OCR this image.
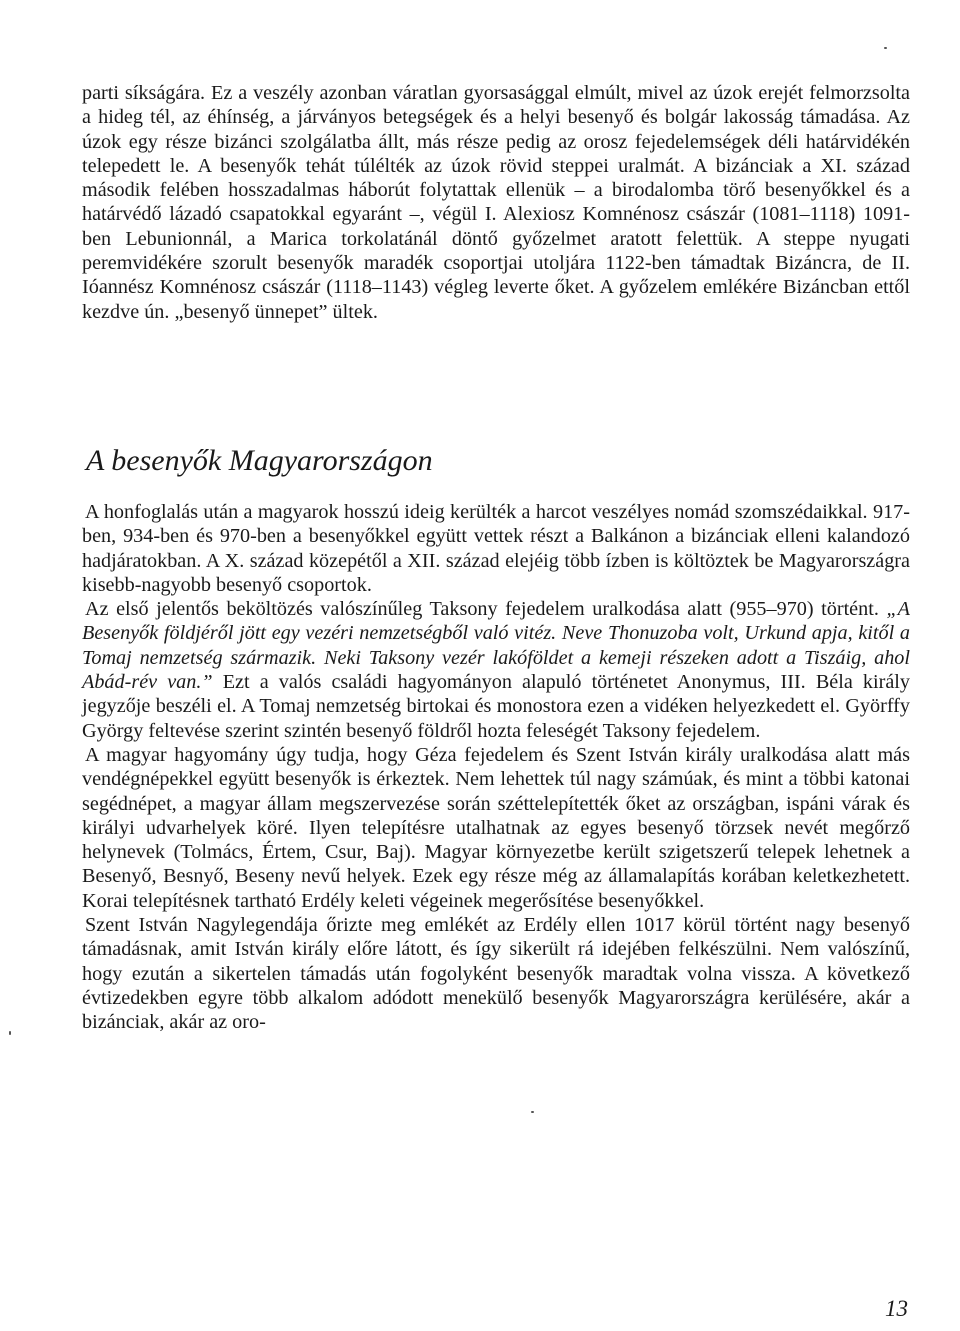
parti síkságára. Ez a veszély azonban váratlan gyorsasággal elmúlt, mivel az úzok erejét felmorzsolta a hideg tél, az éhínség, a járványos betegségek és a helyi besenyő és bolgár lakosság támadása. Az úzok egy része bizánci szolgálatba állt, más része pedig az orosz fejedelemségek déli határvidékén telepedett le. A besenyők tehát túlélték az úzok rövid steppei uralmát. A bizánciak a XI. század második felében hosszadalmas háborút folytattak ellenük – a birodalomba törő besenyőkkel és a határvédő lázadó csapatokkal egyaránt –, végül I. Alexiosz Komnénosz császár (1081–1118) 1091-ben Lebunionnál, a Marica torkolatánál döntő győzelmet aratott felettük. A steppe nyugati peremvidékére szorult besenyők maradék csoportjai utoljára 1122-ben támadtak Bizáncra, de II. Ióannész Komnénosz császár (1118–1143) végleg leverte őket. A győzelem emlékére Bizáncban ettől kezdve ún. „besenyő ünnepet” ültek.

A besenyők Magyarországon

A honfoglalás után a magyarok hosszú ideig kerülték a harcot veszélyes nomád szomszédaikkal. 917-ben, 934-ben és 970-ben a besenyőkkel együtt vettek részt a Balkánon a bizánciak elleni kalandozó hadjáratokban. A X. század közepétől a XII. század elejéig több ízben is költöztek be Magyarországra kisebb-nagyobb besenyő csoportok.

Az első jelentős beköltözés valószínűleg Taksony fejedelem uralkodása alatt (955–970) történt. „A Besenyők földjéről jött egy vezéri nemzetségből való vitéz. Neve Thonuzoba volt, Urkund apja, kitől a Tomaj nemzetség származik. Neki Taksony vezér lakóföldet a kemeji részeken adott a Tiszáig, ahol Abád-rév van.” Ezt a valós családi hagyományon alapuló történetet Anonymus, III. Béla király jegyzője beszéli el. A Tomaj nemzetség birtokai és monostora ezen a vidéken helyezkedett el. Györffy György feltevése szerint szintén besenyő földről hozta feleségét Taksony fejedelem.

A magyar hagyomány úgy tudja, hogy Géza fejedelem és Szent István király uralkodása alatt más vendégnépekkel együtt besenyők is érkeztek. Nem lehettek túl nagy számúak, és mint a többi katonai segédnépet, a magyar állam megszervezése során széttelepítették őket az országban, ispáni várak és királyi udvarhelyek köré. Ilyen telepítésre utalhatnak az egyes besenyő törzsek nevét megőrző helynevek (Tolmács, Értem, Csur, Baj). Magyar környezetbe került szigetszerű telepek lehetnek a Besenyő, Besnyő, Beseny nevű helyek. Ezek egy része még az államalapítás korában keletkezhetett. Korai telepítésnek tartható Erdély keleti végeinek megerősítése besenyőkkel.

Szent István Nagylegendája őrizte meg emlékét az Erdély ellen 1017 körül történt nagy besenyő támadásnak, amit István király előre látott, és így sikerült rá idejében felkészülni. Nem valószínű, hogy ezután a sikertelen támadás után fogolyként besenyők maradtak volna vissza. A következő évtizedekben egyre több alkalom adódott menekülő besenyők Magyarországra kerülésére, akár a bizánciak, akár az oro-

13
